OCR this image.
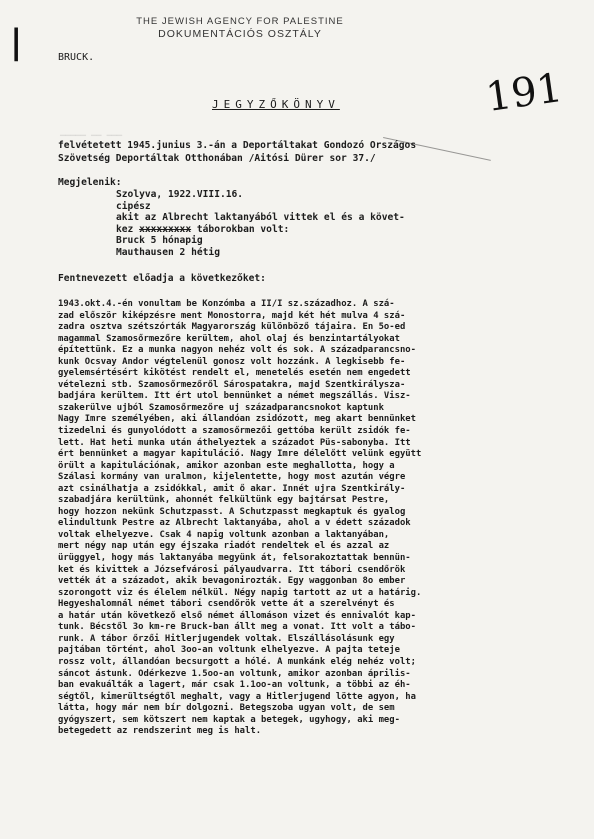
|
THE JEWISH AGENCY FOR PALESTINE
DOKUMENTÁCIÓS OSZTÁLY
BRUCK.
191
JEGYZŐKÖNYV
▁▁▁▁▁ ▁▁ ▁▁▁
felvétetett 1945.junius 3.-án a Deportáltakat Gondozó Országos
Szövetség Deportáltak Otthonában /Aitósi Dürer sor 37./
Megjelenik:
Szolyva, 1922.VIII.16.
cipész
akit az Albrecht laktanyából vittek el és a követ-
kez xxxxxxxxx táborokban volt:
Bruck 5 hónapig
Mauthausen 2 hétig
Fentnevezett előadja a következőket:
1943.okt.4.-én vonultam be Konzómba a II/I sz.századhoz. A szá-
zad először kiképzésre ment Monostorra, majd két hét mulva 4 szá-
zadra osztva szétszórták Magyarország különböző tájaira. En 5o-ed
magammal Szamosőrmezőre kerültem, ahol olaj és benzintartályokat
építettünk. Ez a munka nagyon nehéz volt és sok. A századparancsno-
kunk Ocsvay Andor végtelenül gonosz volt hozzánk. A legkisebb fe-
gyelemsértésért kikötést rendelt el, menetelés esetén nem engedett
vételezni stb. Szamosőrmezőről Sárospatakra, majd Szentkirálysza-
badjára kerültem. Itt ért utol bennünket a német megszállás. Visz-
szakerülve ujból Szamosőrmezőre uj századparancsnokot kaptunk
Nagy Imre személyében, aki állandóan zsidózott, meg akart bennünket
tizedelni és gunyolódott a szamosőrmezői gettóba került zsidók fe-
lett. Hat heti munka után áthelyeztek a századot Püs-sabonyba. Itt
ért bennünket a magyar kapituláció. Nagy Imre délelőtt velünk együtt
örült a kapitulációnak, amikor azonban este meghallotta, hogy a
Szálasi kormány van uralmon, kijelentette, hogy most azután végre
azt csinálhatja a zsidókkal, amit ő akar. Innét ujra Szentkirály-
szabadjára kerültünk, ahonnét felkültünk egy bajtársat Pestre,
hogy hozzon nekünk Schutzpasst. A Schutzpasst megkaptuk és gyalog
elindultunk Pestre az Albrecht laktanyába, ahol a v édett századok
voltak elhelyezve. Csak 4 napig voltunk azonban a laktanyában,
mert négy nap után egy éjszaka riadót rendeltek el és azzal az
ürüggyel, hogy más laktanyába megyünk át, felsorakoztattak bennün-
ket és kivittek a Józsefvárosi pályaudvarra. Itt tábori csendőrök
vették át a századot, akik bevagonirozták. Egy waggonban 8o ember
szorongott viz és élelem nélkül. Négy napig tartott az ut a határig.
Hegyeshalomnál német tábori csendőrök vette át a szerelvényt és
a határ után következő első német állomáson vizet és ennivalót kap-
tunk. Bécstől 3o km-re Bruck-ban állt meg a vonat. Itt volt a tábo-
runk. A tábor őrzői Hitlerjugendek voltak. Elszállásolásunk egy
pajtában történt, ahol 3oo-an voltunk elhelyezve. A pajta teteje
rossz volt, állandóan becsurgott a hólé. A munkánk elég nehéz volt;
sáncot ástunk. Odérkezve 1.5oo-an voltunk, amikor azonban április-
ban evakuálták a lagert, már csak 1.1oo-an voltunk, a többi az éh-
ségtől, kimerültségtől meghalt, vagy a Hitlerjugend lötte agyon, ha
látta, hogy már nem bír dolgozni. Betegszoba ugyan volt, de sem
gyógyszert, sem kötszert nem kaptak a betegek, ugyhogy, aki meg-
betegedett az rendszerint meg is halt.
